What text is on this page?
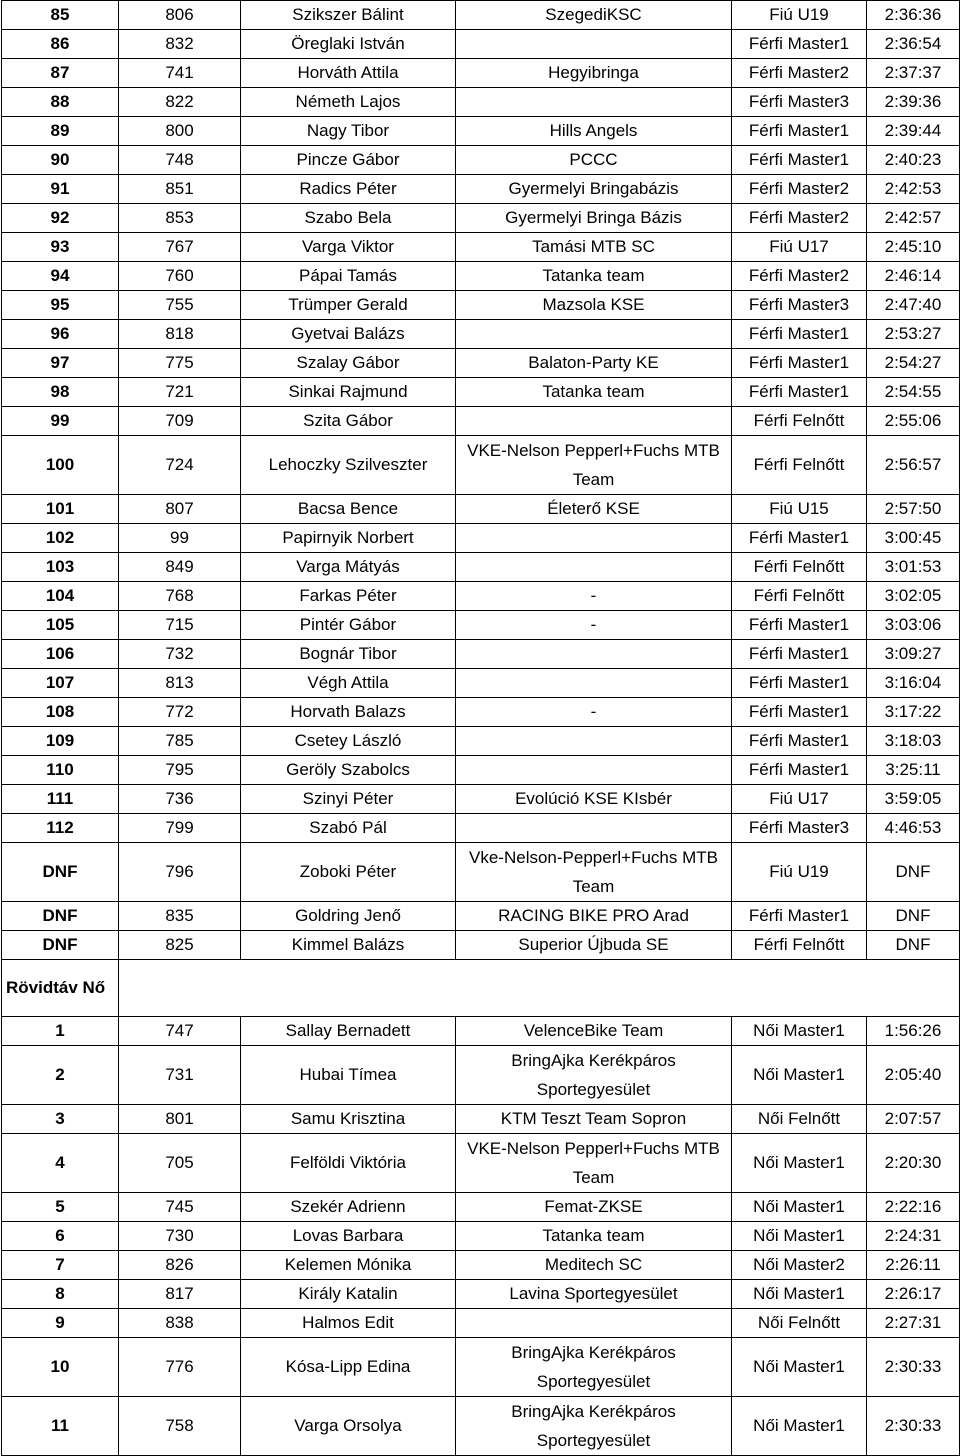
85	806	Szikszer Bálint	SzegediKSC	Fiú U19	2:36:36
86	832	Öreglaki István		Férfi Master1	2:36:54
87	741	Horváth Attila	Hegyibringa	Férfi Master2	2:37:37
88	822	Németh Lajos		Férfi Master3	2:39:36
89	800	Nagy Tibor	Hills Angels	Férfi Master1	2:39:44
90	748	Pincze Gábor	PCCC	Férfi Master1	2:40:23
91	851	Radics Péter	Gyermelyi Bringabázis	Férfi Master2	2:42:53
92	853	Szabo Bela	Gyermelyi Bringa Bázis	Férfi Master2	2:42:57
93	767	Varga Viktor	Tamási MTB SC	Fiú U17	2:45:10
94	760	Pápai Tamás	Tatanka team	Férfi Master2	2:46:14
95	755	Trümper Gerald	Mazsola KSE	Férfi Master3	2:47:40
96	818	Gyetvai Balázs		Férfi Master1	2:53:27
97	775	Szalay Gábor	Balaton-Party KE	Férfi Master1	2:54:27
98	721	Sinkai Rajmund	Tatanka team	Férfi Master1	2:54:55
99	709	Szita Gábor		Férfi Felnőtt	2:55:06
100	724	Lehoczky Szilveszter	VKE-Nelson Pepperl+Fuchs MTB Team	Férfi Felnőtt	2:56:57
101	807	Bacsa Bence	Életerő KSE	Fiú U15	2:57:50
102	99	Papirnyik Norbert		Férfi Master1	3:00:45
103	849	Varga Mátyás		Férfi Felnőtt	3:01:53
104	768	Farkas Péter	-	Férfi Felnőtt	3:02:05
105	715	Pintér Gábor	-	Férfi Master1	3:03:06
106	732	Bognár Tibor		Férfi Master1	3:09:27
107	813	Végh Attila		Férfi Master1	3:16:04
108	772	Horvath Balazs	-	Férfi Master1	3:17:22
109	785	Csetey László		Férfi Master1	3:18:03
110	795	Geröly Szabolcs		Férfi Master1	3:25:11
111	736	Szinyi Péter	Evolúció KSE KIsbér	Fiú U17	3:59:05
112	799	Szabó Pál		Férfi Master3	4:46:53
DNF	796	Zoboki Péter	Vke-Nelson-Pepperl+Fuchs MTB Team	Fiú U19	DNF
DNF	835	Goldring Jenő	RACING BIKE PRO Arad	Férfi Master1	DNF
DNF	825	Kimmel Balázs	Superior Újbuda SE	Férfi Felnőtt	DNF
Rövidtáv Nő					
1	747	Sallay Bernadett	VelenceBike Team	Női Master1	1:56:26
2	731	Hubai Tímea	BringAjka Kerékpáros Sportegyesület	Női Master1	2:05:40
3	801	Samu Krisztina	KTM Teszt Team Sopron	Női Felnőtt	2:07:57
4	705	Felföldi Viktória	VKE-Nelson Pepperl+Fuchs MTB Team	Női Master1	2:20:30
5	745	Szekér Adrienn	Femat-ZKSE	Női Master1	2:22:16
6	730	Lovas Barbara	Tatanka team	Női Master1	2:24:31
7	826	Kelemen Mónika	Meditech SC	Női Master2	2:26:11
8	817	Király Katalin	Lavina Sportegyesület	Női Master1	2:26:17
9	838	Halmos Edit		Női Felnőtt	2:27:31
10	776	Kósa-Lipp Edina	BringAjka Kerékpáros Sportegyesület	Női Master1	2:30:33
11	758	Varga Orsolya	BringAjka Kerékpáros Sportegyesület	Női Master1	2:30:33
